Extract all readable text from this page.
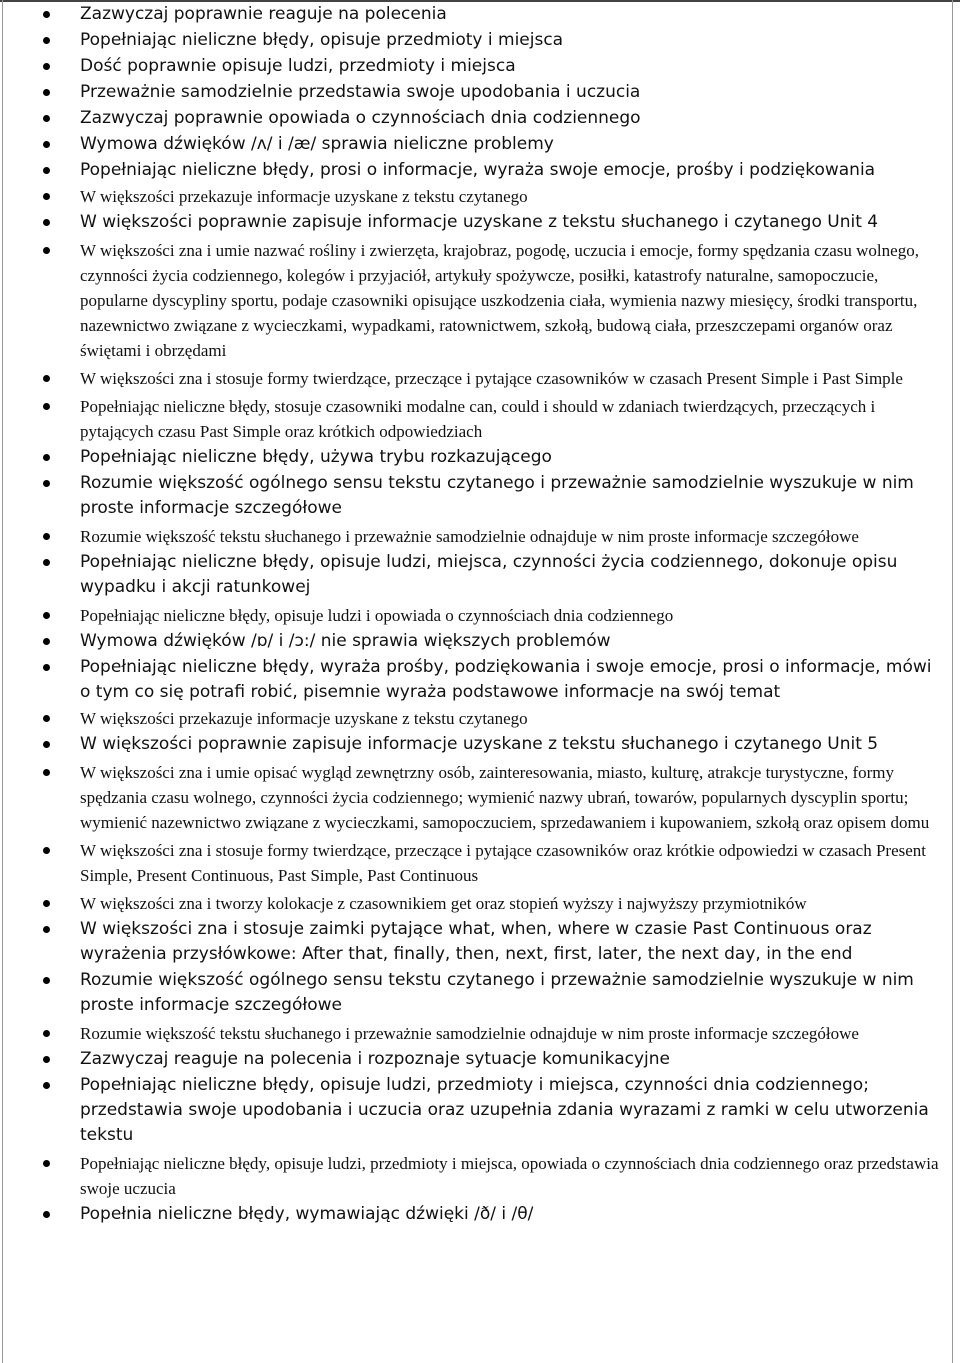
Zazwyczaj poprawnie reaguje na polecenia
Popełniając nieliczne błędy, opisuje przedmioty i miejsca
Dość poprawnie opisuje ludzi, przedmioty i miejsca
Przeważnie samodzielnie przedstawia swoje upodobania i uczucia
Zazwyczaj poprawnie opowiada o czynnościach dnia codziennego
Wymowa dźwięków /ʌ/ i /æ/ sprawia nieliczne problemy
Popełniając nieliczne błędy, prosi o informacje, wyraża swoje emocje, prośby i podziękowania
W większości przekazuje informacje uzyskane z tekstu czytanego
W większości poprawnie zapisuje informacje uzyskane z tekstu słuchanego i czytanego Unit 4
W większości zna i umie nazwać rośliny i zwierzęta, krajobraz, pogodę, uczucia i emocje, formy spędzania czasu wolnego, czynności życia codziennego, kolegów i przyjaciół, artykuły spożywcze, posiłki, katastrofy naturalne, samopoczucie, popularne dyscypliny sportu, podaje czasowniki opisujące uszkodzenia ciała, wymienia nazwy miesięcy, środki transportu, nazewnictwo związane z wycieczkami, wypadkami, ratownictwem, szkołą, budową ciała, przeszczepami organów oraz świętami i obrzędami
W większości zna i stosuje formy twierdzące, przeczące i pytające czasowników w czasach Present Simple i Past Simple
Popełniając nieliczne błędy, stosuje czasowniki modalne can, could i should w zdaniach twierdzących, przeczących i pytających czasu Past Simple oraz krótkich odpowiedziach
Popełniając nieliczne błędy, używa trybu rozkazującego
Rozumie większość ogólnego sensu tekstu czytanego i przeważnie samodzielnie wyszukuje w nim proste informacje szczegółowe
Rozumie większość tekstu słuchanego i przeważnie samodzielnie odnajduje w nim proste informacje szczegółowe
Popełniając nieliczne błędy, opisuje ludzi, miejsca, czynności życia codziennego, dokonuje opisu wypadku i akcji ratunkowej
Popełniając nieliczne błędy, opisuje ludzi i opowiada o czynnościach dnia codziennego
Wymowa dźwięków /ɒ/ i /ɔ:/ nie sprawia większych problemów
Popełniając nieliczne błędy, wyraża prośby, podziękowania i swoje emocje, prosi o informacje, mówi o tym co się potrafi robić, pisemnie wyraża podstawowe informacje na swój temat
W większości przekazuje informacje uzyskane z tekstu czytanego
W większości poprawnie zapisuje informacje uzyskane z tekstu słuchanego i czytanego Unit 5
W większości zna i umie opisać wygląd zewnętrzny osób, zainteresowania, miasto, kulturę, atrakcje turystyczne, formy spędzania czasu wolnego, czynności życia codziennego; wymienić nazwy ubrań, towarów, popularnych dyscyplin sportu; wymienić nazewnictwo związane z wycieczkami, samopoczuciem, sprzedawaniem i kupowaniem, szkołą oraz opisem domu
W większości zna i stosuje formy twierdzące, przeczące i pytające czasowników oraz krótkie odpowiedzi w czasach Present Simple, Present Continuous, Past Simple, Past Continuous
W większości zna i tworzy kolokacje z czasownikiem get oraz stopień wyższy i najwyższy przymiotników
W większości zna i stosuje zaimki pytające what, when, where w czasie Past Continuous oraz wyrażenia przysłówkowe: After that, finally, then, next, first, later, the next day, in the end
Rozumie większość ogólnego sensu tekstu czytanego i przeważnie samodzielnie wyszukuje w nim proste informacje szczegółowe
Rozumie większość tekstu słuchanego i przeważnie samodzielnie odnajduje w nim proste informacje szczegółowe
Zazwyczaj reaguje na polecenia i rozpoznaje sytuacje komunikacyjne
Popełniając nieliczne błędy, opisuje ludzi, przedmioty i miejsca, czynności dnia codziennego; przedstawia swoje upodobania i uczucia oraz uzupełnia zdania wyrazami z ramki w celu utworzenia tekstu
Popełniając nieliczne błędy, opisuje ludzi, przedmioty i miejsca, opowiada o czynnościach dnia codziennego oraz przedstawia swoje uczucia
Popełnia nieliczne błędy, wymawiając dźwięki /ð/ i /θ/
